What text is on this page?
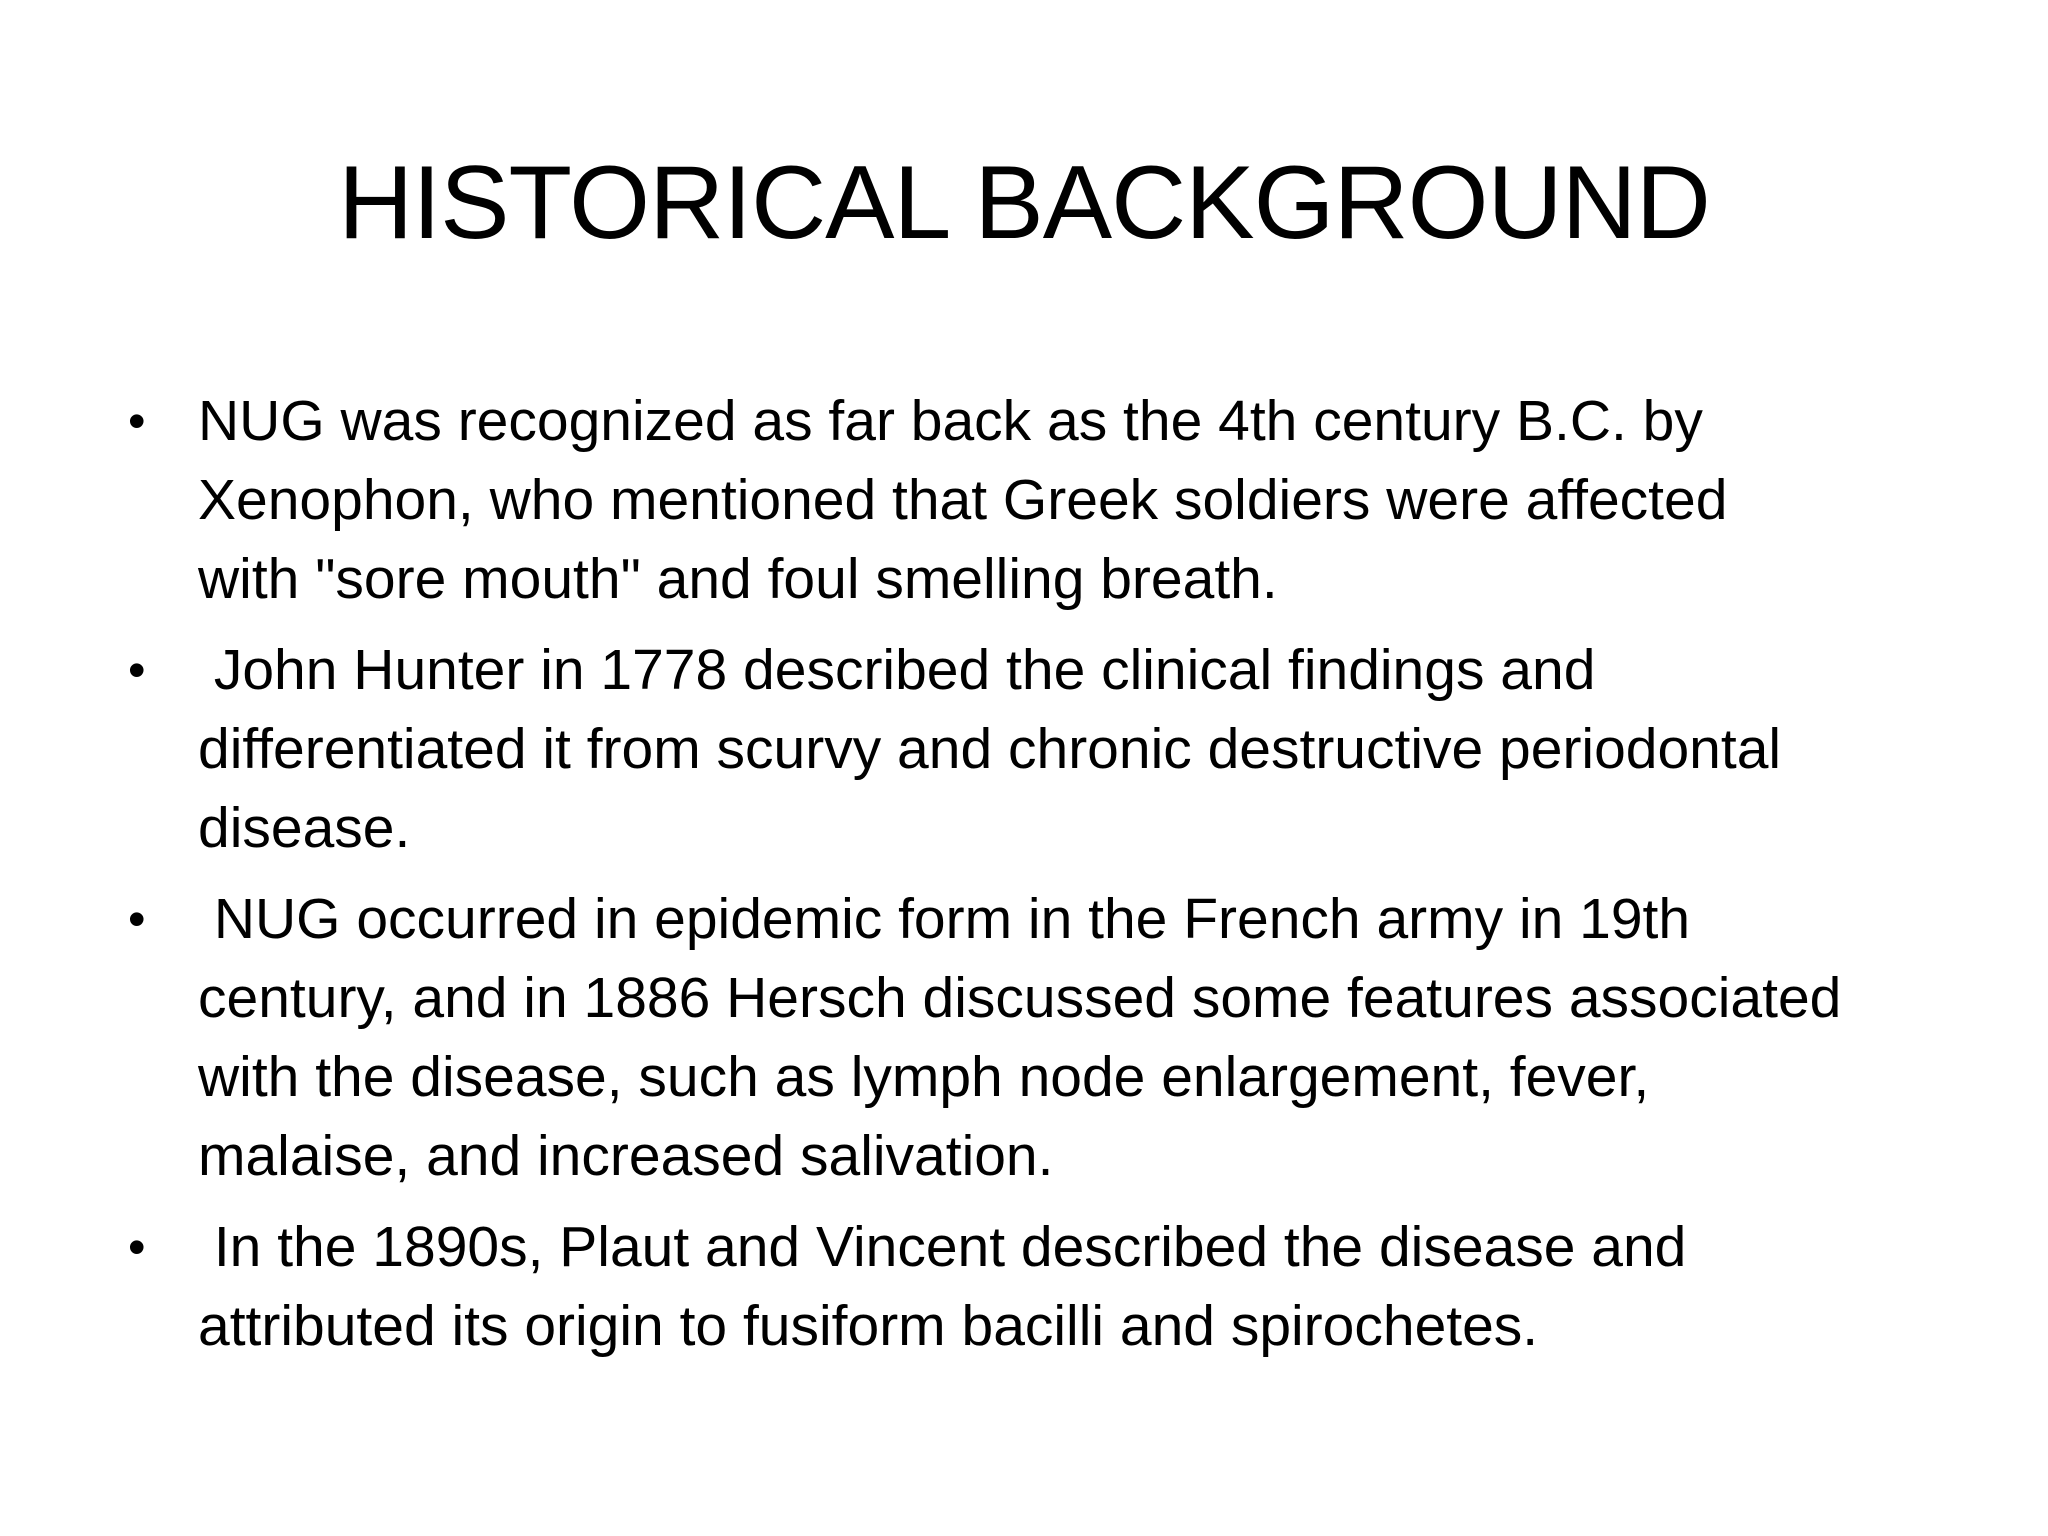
HISTORICAL BACKGROUND
• NUG was recognized as far back as the 4th century B.C. by
Xenophon, who mentioned that Greek soldiers were affected
with "sore mouth" and foul smelling breath.
• John Hunter in 1778 described the clinical findings and
differentiated it from scurvy and chronic destructive periodontal
disease.
• NUG occurred in epidemic form in the French army in 19th
century, and in 1886 Hersch discussed some features associated
with the disease, such as lymph node enlargement, fever,
malaise, and increased salivation.
• In the 1890s, Plaut and Vincent described the disease and
attributed its origin to fusiform bacilli and spirochetes.
